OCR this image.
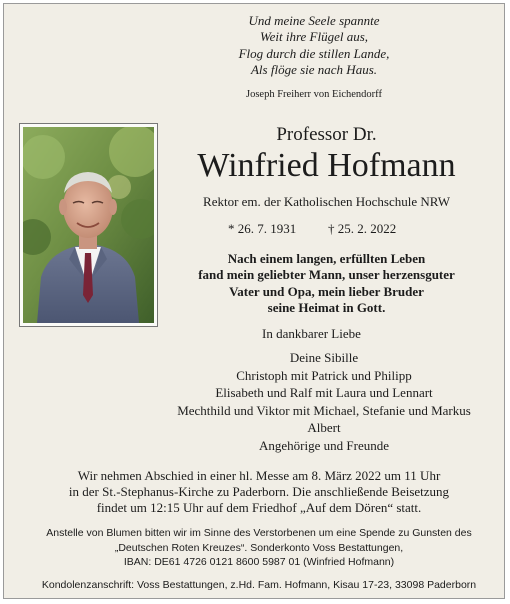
Und meine Seele spannte
Weit ihre Flügel aus,
Flog durch die stillen Lande,
Als flöge sie nach Haus.
Joseph Freiherr von Eichendorff
Professor Dr.
Winfried Hofmann
Rektor em. der Katholischen Hochschule NRW
* 26. 7. 1931 † 25. 2. 2022
Nach einem langen, erfüllten Leben
fand mein geliebter Mann, unser herzensguter
Vater und Opa, mein lieber Bruder
seine Heimat in Gott.
In dankbarer Liebe
Deine Sibille
Christoph mit Patrick und Philipp
Elisabeth und Ralf mit Laura und Lennart
Mechthild und Viktor mit Michael, Stefanie und Markus
Albert
Angehörige und Freunde
Wir nehmen Abschied in einer hl. Messe am 8. März 2022 um 11 Uhr
in der St.-Stephanus-Kirche zu Paderborn. Die anschließende Beisetzung
findet um 12:15 Uhr auf dem Friedhof „Auf dem Dören“ statt.
Anstelle von Blumen bitten wir im Sinne des Verstorbenen um eine Spende zu Gunsten des
„Deutschen Roten Kreuzes“. Sonderkonto Voss Bestattungen,
IBAN: DE61 4726 0121 8600 5987 01 (Winfried Hofmann)
Kondolenzanschrift: Voss Bestattungen, z.Hd. Fam. Hofmann, Kisau 17-23, 33098 Paderborn
